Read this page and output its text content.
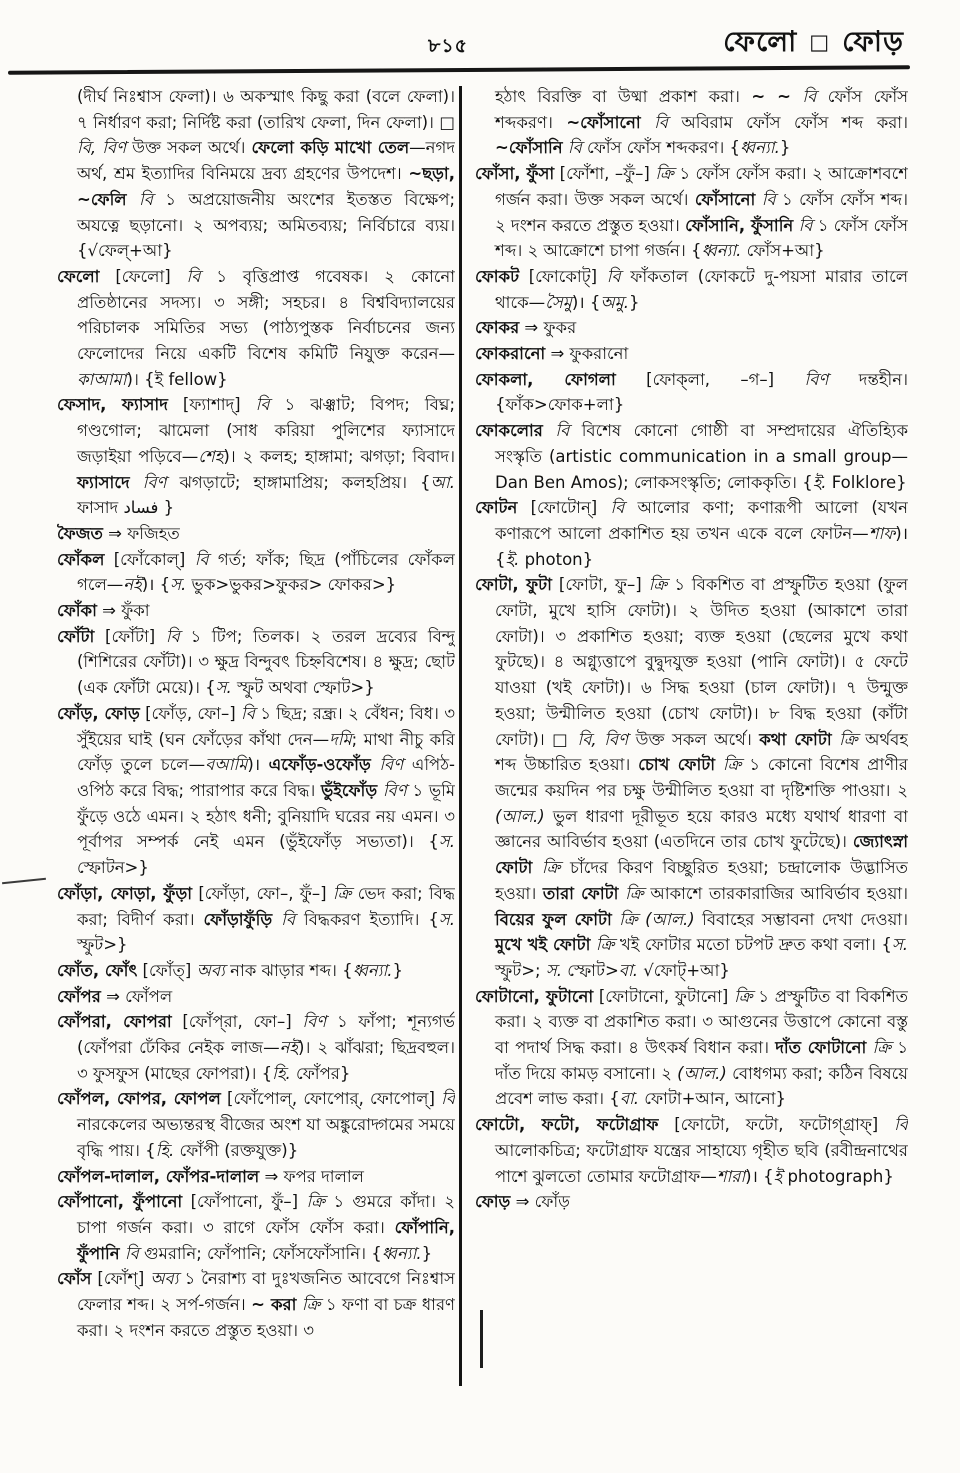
৮১৫	ফেলো □ ফোড়
(দীর্ঘ নিঃশ্বাস ফেলা)। ৬ অকস্মাৎ কিছু করা (বলে ফেলা)। ৭ নির্ধারণ করা; নির্দিষ্ট করা (তারিখ ফেলা, দিন ফেলা)। □ বি, বিণ উক্ত সকল অর্থে। ফেলো কড়ি মাখো তেল—নগদ অর্থ, শ্রম ইত্যাদির বিনিময়ে দ্রব্য গ্রহণের উপদেশ। ~ছড়া, ~ফেলি বি ১ অপ্রয়োজনীয় অংশের ইতস্তত বিক্ষেপ; অযত্নে ছড়ানো। ২ অপব্যয়; অমিতব্যয়; নির্বিচারে ব্যয়। {√ফেল্+আ}
ফেলো [ফেলো] বি ১ বৃত্তিপ্রাপ্ত গবেষক। ২ কোনো প্রতিষ্ঠানের সদস্য। ৩ সঙ্গী; সহচর। ৪ বিশ্ববিদ্যালয়ের পরিচালক সমিতির সভ্য (পাঠ্যপুস্তক নির্বাচনের জন্য ফেলোদের নিয়ে একটি বিশেষ কমিটি নিযুক্ত করেন—কাআমা)। {ই fellow}
ফেসাদ, ফ্যাসাদ [ফ্যাশাদ্] বি ১ ঝঞ্ঝাট; বিপদ; বিঘ্ন; গণ্ডগোল; ঝামেলা (সাধ করিয়া পুলিশের ফ্যাসাদে জড়াইয়া পড়িবে—শেহ)। ২ কলহ; হাঙ্গামা; ঝগড়া; বিবাদ। ফ্যাসাদে বিণ ঝগড়াটে; হাঙ্গামাপ্রিয়; কলহপ্রিয়। {আ. ফাসাদ فساد }
ফৈজত ⇒ ফজিহত
ফোঁকল [ফোঁকোল্] বি গর্ত; ফাঁক; ছিদ্র (পাঁচিলের ফোঁকল গলে—নই)। {স. ভুক>ভুকর>ফুকর> ফোকর>}
ফোঁকা ⇒ ফুঁকা
ফোঁটা [ফোঁটা] বি ১ টিপ; তিলক। ২ তরল দ্রব্যের বিন্দু (শিশিরের ফোঁটা)। ৩ ক্ষুদ্র বিন্দুবৎ চিহ্নবিশেষ। ৪ ক্ষুদ্র; ছোট (এক ফোঁটা মেয়ে)। {স. স্ফুট অথবা স্ফোট>}
ফোঁড়, ফোড় [ফোঁড়, ফো–] বি ১ ছিদ্র; রন্ধ্র। ২ বেঁধন; বিধ। ৩ সুঁইয়ের ঘাই (ঘন ফোঁড়ের কাঁথা দেন—দমি; মাথা নীচু করি ফোঁড় তুলে চলে—বআমি)। এফোঁড়-ওফোঁড় বিণ এপিঠ-ওপিঠ করে বিদ্ধ; পারাপার করে বিদ্ধ। ভুঁইফোঁড় বিণ ১ ভূমি ফুঁড়ে ওঠে এমন। ২ হঠাৎ ধনী; বুনিয়াদি ঘরের নয় এমন। ৩ পূর্বাপর সম্পর্ক নেই এমন (ভুঁইফোঁড় সভ্যতা)। {স. স্ফোটন>}
ফোঁড়া, ফোড়া, ফুঁড়া [ফোঁড়া, ফো–, ফুঁ–] ক্রি ভেদ করা; বিদ্ধ করা; বিদীর্ণ করা। ফোঁড়াফুঁড়ি বি বিদ্ধকরণ ইত্যাদি। {স. স্ফুট>}
ফোঁত, ফোঁৎ [ফোঁত্] অব্য নাক ঝাড়ার শব্দ। {ধ্বন্যা.}
ফোঁপর ⇒ ফোঁপল
ফোঁপরা, ফোপরা [ফোঁপ্‌রা, ফো–] বিণ ১ ফাঁপা; শূন্যগর্ভ (ফোঁপরা ঢেঁকির নেইক লাজ—নই)। ২ ঝাঁঝরা; ছিদ্রবহুল। ৩ ফুসফুস (মাছের ফোপরা)। {হি. ফোঁপর}
ফোঁপল, ফোপর, ফোপল [ফোঁপোল্, ফোপোর্, ফোপোল্] বি নারকেলের অভ্যন্তরস্থ বীজের অংশ যা অঙ্কুরোদ্গমের সময়ে বৃদ্ধি পায়। {হি. ফোঁপী (রক্তযুক্ত)}
ফোঁপল-দালাল, ফোঁপর-দালাল ⇒ ফপর দালাল
ফোঁপানো, ফুঁপানো [ফোঁপানো, ফুঁ–] ক্রি ১ গুমরে কাঁদা। ২ চাপা গর্জন করা। ৩ রাগে ফোঁস ফোঁস করা। ফোঁপানি, ফুঁপানি বি গুমরানি; ফোঁপানি; ফোঁসফোঁসানি। {ধ্বন্যা.}
ফোঁস [ফোঁশ্] অব্য ১ নৈরাশ্য বা দুঃখজনিত আবেগে নিঃশ্বাস ফেলার শব্দ। ২ সর্প-গর্জন। ~ করা ক্রি ১ ফণা বা চক্র ধারণ করা। ২ দংশন করতে প্রস্তুত হওয়া। ৩
হঠাৎ বিরক্তি বা উষ্মা প্রকাশ করা। ~ ~ বি ফোঁস ফোঁস শব্দকরণ। ~ফোঁসানো বি অবিরাম ফোঁস ফোঁস শব্দ করা। ~ফোঁসানি বি ফোঁস ফোঁস শব্দকরণ। {ধ্বন্যা.}
ফোঁসা, ফুঁসা [ফোঁশা, –ফুঁ–] ক্রি ১ ফোঁস ফোঁস করা। ২ আক্রোশবশে গর্জন করা। উক্ত সকল অর্থে। ফোঁসানো বি ১ ফোঁস ফোঁস শব্দ। ২ দংশন করতে প্রস্তুত হওয়া। ফোঁসানি, ফুঁসানি বি ১ ফোঁস ফোঁস শব্দ। ২ আক্রোশে চাপা গর্জন। {ধ্বন্যা. ফোঁস+আ}
ফোকট [ফোকোট্] বি ফাঁকতাল (ফোকটে দু-পয়সা মারার তালে থাকে—সৈমু)। {অমু.}
ফোকর ⇒ ফুকর
ফোকরানো ⇒ ফুকরানো
ফোকলা, ফোগলা [ফোক্‌লা, –গ–] বিণ দন্তহীন। {ফাঁক>ফোক+লা}
ফোকলোর বি বিশেষ কোনো গোষ্ঠী বা সম্প্রদায়ের ঐতিহ্যিক সংস্কৃতি (artistic communication in a small group—Dan Ben Amos); লোকসংস্কৃতি; লোককৃতি। {ই. Folklore}
ফোটন [ফোটোন্] বি আলোর কণা; কণারূপী আলো (যখন কণারূপে আলো প্রকাশিত হয় তখন একে বলে ফোটন—শাফ)। {ই. photon}
ফোটা, ফুটা [ফোটা, ফু–] ক্রি ১ বিকশিত বা প্রস্ফুটিত হওয়া (ফুল ফোটা, মুখে হাসি ফোটা)। ২ উদিত হওয়া (আকাশে তারা ফোটা)। ৩ প্রকাশিত হওয়া; ব্যক্ত হওয়া (ছেলের মুখে কথা ফুটছে)। ৪ অগ্ন্যুত্তাপে বুদ্বুদযুক্ত হওয়া (পানি ফোটা)। ৫ ফেটে যাওয়া (খই ফোটা)। ৬ সিদ্ধ হওয়া (চাল ফোটা)। ৭ উন্মুক্ত হওয়া; উন্মীলিত হওয়া (চোখ ফোটা)। ৮ বিদ্ধ হওয়া (কাঁটা ফোটা)। □ বি, বিণ উক্ত সকল অর্থে। কথা ফোটা ক্রি অর্থবহ শব্দ উচ্চারিত হওয়া। চোখ ফোটা ক্রি ১ কোনো বিশেষ প্রাণীর জন্মের কয়দিন পর চক্ষু উন্মীলিত হওয়া বা দৃষ্টিশক্তি পাওয়া। ২ (আল.) ভুল ধারণা দূরীভূত হয়ে কারও মধ্যে যথার্থ ধারণা বা জ্ঞানের আবির্ভাব হওয়া (এতদিনে তার চোখ ফুটেছে)। জ্যোৎস্না ফোটা ক্রি চাঁদের কিরণ বিচ্ছুরিত হওয়া; চন্দ্রালোক উদ্ভাসিত হওয়া। তারা ফোটা ক্রি আকাশে তারকারাজির আবির্ভাব হওয়া। বিয়ের ফুল ফোটা ক্রি (আল.) বিবাহের সম্ভাবনা দেখা দেওয়া। মুখে খই ফোটা ক্রি খই ফোটার মতো চটপট দ্রুত কথা বলা। {স. স্ফুট>; স. স্ফোট>বা. √ফোট্+আ}
ফোটানো, ফুটানো [ফোটানো, ফুটানো] ক্রি ১ প্রস্ফুটিত বা বিকশিত করা। ২ ব্যক্ত বা প্রকাশিত করা। ৩ আগুনের উত্তাপে কোনো বস্তু বা পদার্থ সিদ্ধ করা। ৪ উৎকর্ষ বিধান করা। দাঁত ফোটানো ক্রি ১ দাঁত দিয়ে কামড় বসানো। ২ (আল.) বোধগম্য করা; কঠিন বিষয়ে প্রবেশ লাভ করা। {বা. ফোটা+আন, আনো}
ফোটো, ফটো, ফটোগ্রাফ [ফোটো, ফটো, ফটোগ্‌গ্রাফ্] বি আলোকচিত্র; ফটোগ্রাফ যন্ত্রের সাহায্যে গৃহীত ছবি (রবীন্দ্রনাথের পাশে ঝুলতো তোমার ফটোগ্রাফ—শারা)। {ই photograph}
ফোড় ⇒ ফোঁড়
